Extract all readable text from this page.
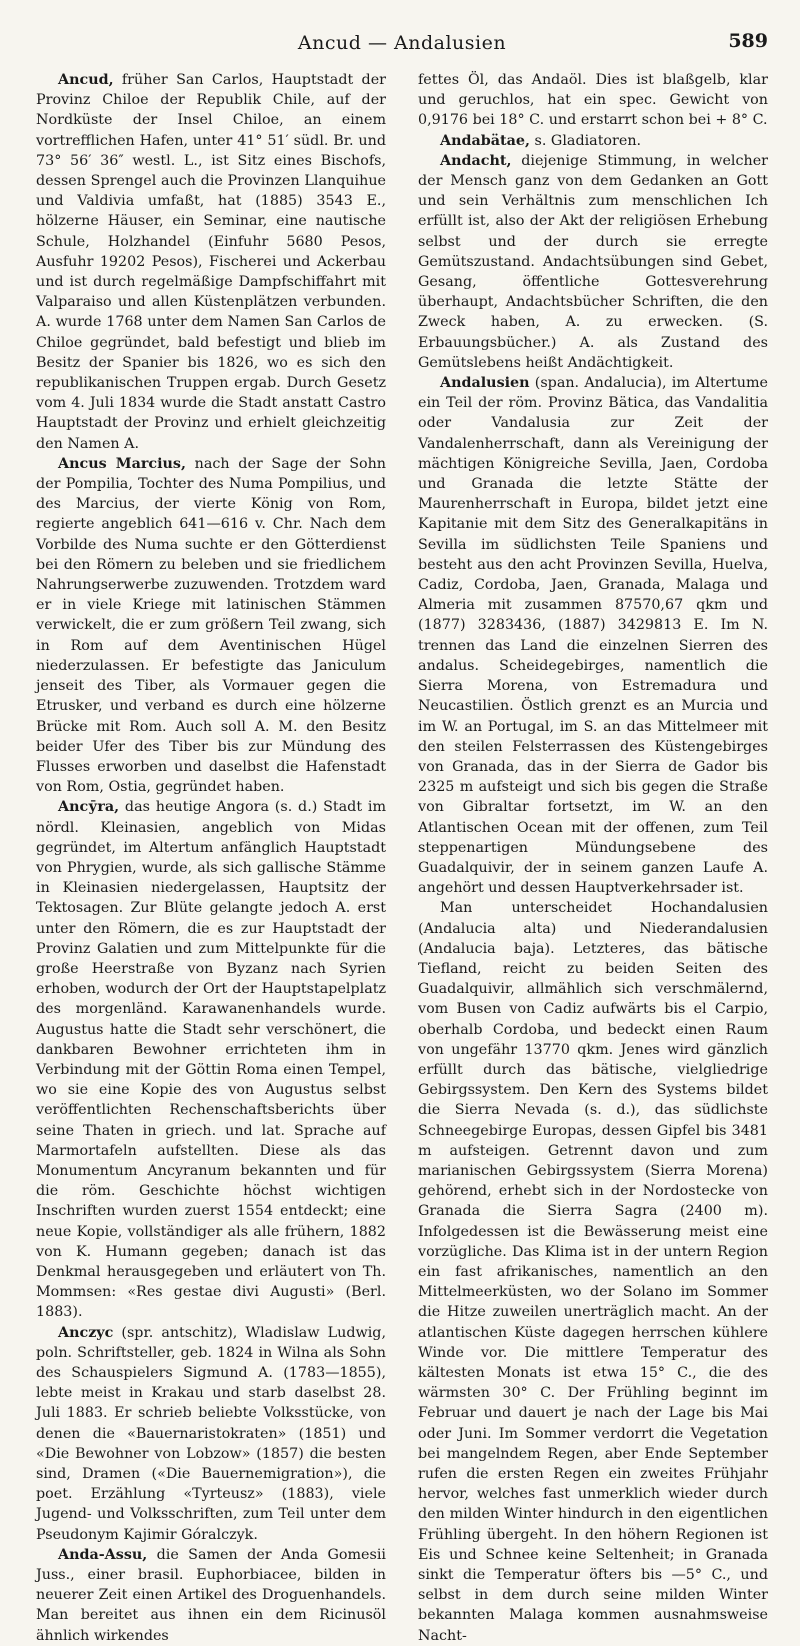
Ancud — Andalusien	589

Ancud, früher San Carlos, Hauptstadt der Provinz Chiloe der Republik Chile, auf der Nordküste der Insel Chiloe, an einem vortrefflichen Hafen, unter 41° 51′ südl. Br. und 73° 56′ 36″ westl. L., ist Sitz eines Bischofs, dessen Sprengel auch die Provinzen Llanquihue und Valdivia umfaßt, hat (1885) 3543 E., hölzerne Häuser, ein Seminar, eine nautische Schule, Holzhandel (Einfuhr 5680 Pesos, Ausfuhr 19202 Pesos), Fischerei und Ackerbau und ist durch regelmäßige Dampfschiffahrt mit Valparaiso und allen Küstenplätzen verbunden. A. wurde 1768 unter dem Namen San Carlos de Chiloe gegründet, bald befestigt und blieb im Besitz der Spanier bis 1826, wo es sich den republikanischen Truppen ergab. Durch Gesetz vom 4. Juli 1834 wurde die Stadt anstatt Castro Hauptstadt der Provinz und erhielt gleichzeitig den Namen A.

Ancus Marcius, nach der Sage der Sohn der Pompilia, Tochter des Numa Pompilius, und des Marcius, der vierte König von Rom, regierte angeblich 641—616 v. Chr. Nach dem Vorbilde des Numa suchte er den Götterdienst bei den Römern zu beleben und sie friedlichem Nahrungserwerbe zuzuwenden. Trotzdem ward er in viele Kriege mit latinischen Stämmen verwickelt, die er zum größern Teil zwang, sich in Rom auf dem Aventinischen Hügel niederzulassen. Er befestigte das Janiculum jenseit des Tiber, als Vormauer gegen die Etrusker, und verband es durch eine hölzerne Brücke mit Rom. Auch soll A. M. den Besitz beider Ufer des Tiber bis zur Mündung des Flusses erworben und daselbst die Hafenstadt von Rom, Ostia, gegründet haben.

Ancӯra, das heutige Angora (s. d.) Stadt im nördl. Kleinasien, angeblich von Midas gegründet, im Altertum anfänglich Hauptstadt von Phrygien, wurde, als sich gallische Stämme in Kleinasien niedergelassen, Hauptsitz der Tektosagen. Zur Blüte gelangte jedoch A. erst unter den Römern, die es zur Hauptstadt der Provinz Galatien und zum Mittelpunkte für die große Heerstraße von Byzanz nach Syrien erhoben, wodurch der Ort der Hauptstapelplatz des morgenländ. Karawanenhandels wurde. Augustus hatte die Stadt sehr verschönert, die dankbaren Bewohner errichteten ihm in Verbindung mit der Göttin Roma einen Tempel, wo sie eine Kopie des von Augustus selbst veröffentlichten Rechenschaftsberichts über seine Thaten in griech. und lat. Sprache auf Marmortafeln aufstellten. Diese als das Monumentum Ancyranum bekannten und für die röm. Geschichte höchst wichtigen Inschriften wurden zuerst 1554 entdeckt; eine neue Kopie, vollständiger als alle frühern, 1882 von K. Humann gegeben; danach ist das Denkmal herausgegeben und erläutert von Th. Mommsen: «Res gestae divi Augusti» (Berl. 1883).

Anczyc (spr. antschitz), Wladislaw Ludwig, poln. Schriftsteller, geb. 1824 in Wilna als Sohn des Schauspielers Sigmund A. (1783—1855), lebte meist in Krakau und starb daselbst 28. Juli 1883. Er schrieb beliebte Volksstücke, von denen die «Bauernaristokraten» (1851) und «Die Bewohner von Lobzow» (1857) die besten sind, Dramen («Die Bauernemigration»), die poet. Erzählung «Tyrteusz» (1883), viele Jugend- und Volksschriften, zum Teil unter dem Pseudonym Kajimir Góralczyk.

Anda-Assu, die Samen der Anda Gomesii Juss., einer brasil. Euphorbiacee, bilden in neuerer Zeit einen Artikel des Droguenhandels. Man bereitet aus ihnen ein dem Ricinusöl ähnlich wirkendes

fettes Öl, das Andaöl. Dies ist blaßgelb, klar und geruchlos, hat ein spec. Gewicht von 0,9176 bei 18° C. und erstarrt schon bei + 8° C.

Andabätae, s. Gladiatoren.

Andacht, diejenige Stimmung, in welcher der Mensch ganz von dem Gedanken an Gott und sein Verhältnis zum menschlichen Ich erfüllt ist, also der Akt der religiösen Erhebung selbst und der durch sie erregte Gemütszustand. Andachtsübungen sind Gebet, Gesang, öffentliche Gottesverehrung überhaupt, Andachtsbücher Schriften, die den Zweck haben, A. zu erwecken. (S. Erbauungsbücher.) A. als Zustand des Gemütslebens heißt Andächtigkeit.

Andalusien (span. Andalucia), im Altertume ein Teil der röm. Provinz Bätica, das Vandalitia oder Vandalusia zur Zeit der Vandalenherrschaft, dann als Vereinigung der mächtigen Königreiche Sevilla, Jaen, Cordoba und Granada die letzte Stätte der Maurenherrschaft in Europa, bildet jetzt eine Kapitanie mit dem Sitz des Generalkapitäns in Sevilla im südlichsten Teile Spaniens und besteht aus den acht Provinzen Sevilla, Huelva, Cadiz, Cordoba, Jaen, Granada, Malaga und Almeria mit zusammen 87570,67 qkm und (1877) 3283436, (1887) 3429813 E. Im N. trennen das Land die einzelnen Sierren des andalus. Scheidegebirges, namentlich die Sierra Morena, von Estremadura und Neucastilien. Östlich grenzt es an Murcia und im W. an Portugal, im S. an das Mittelmeer mit den steilen Felsterrassen des Küstengebirges von Granada, das in der Sierra de Gador bis 2325 m aufsteigt und sich bis gegen die Straße von Gibraltar fortsetzt, im W. an den Atlantischen Ocean mit der offenen, zum Teil steppenartigen Mündungsebene des Guadalquivir, der in seinem ganzen Laufe A. angehört und dessen Hauptverkehrsader ist.

Man unterscheidet Hochandalusien (Andalucia alta) und Niederandalusien (Andalucia baja). Letzteres, das bätische Tiefland, reicht zu beiden Seiten des Guadalquivir, allmählich sich verschmälernd, vom Busen von Cadiz aufwärts bis el Carpio, oberhalb Cordoba, und bedeckt einen Raum von ungefähr 13770 qkm. Jenes wird gänzlich erfüllt durch das bätische, vielgliedrige Gebirgssystem. Den Kern des Systems bildet die Sierra Nevada (s. d.), das südlichste Schneegebirge Europas, dessen Gipfel bis 3481 m aufsteigen. Getrennt davon und zum marianischen Gebirgssystem (Sierra Morena) gehörend, erhebt sich in der Nordostecke von Granada die Sierra Sagra (2400 m). Infolgedessen ist die Bewässerung meist eine vorzügliche. Das Klima ist in der untern Region ein fast afrikanisches, namentlich an den Mittelmeerküsten, wo der Solano im Sommer die Hitze zuweilen unerträglich macht. An der atlantischen Küste dagegen herrschen kühlere Winde vor. Die mittlere Temperatur des kältesten Monats ist etwa 15° C., die des wärmsten 30° C. Der Frühling beginnt im Februar und dauert je nach der Lage bis Mai oder Juni. Im Sommer verdorrt die Vegetation bei mangelndem Regen, aber Ende September rufen die ersten Regen ein zweites Frühjahr hervor, welches fast unmerklich wieder durch den milden Winter hindurch in den eigentlichen Frühling übergeht. In den höhern Regionen ist Eis und Schnee keine Seltenheit; in Granada sinkt die Temperatur öfters bis —5° C., und selbst in dem durch seine milden Winter bekannten Malaga kommen ausnahmsweise Nacht-
